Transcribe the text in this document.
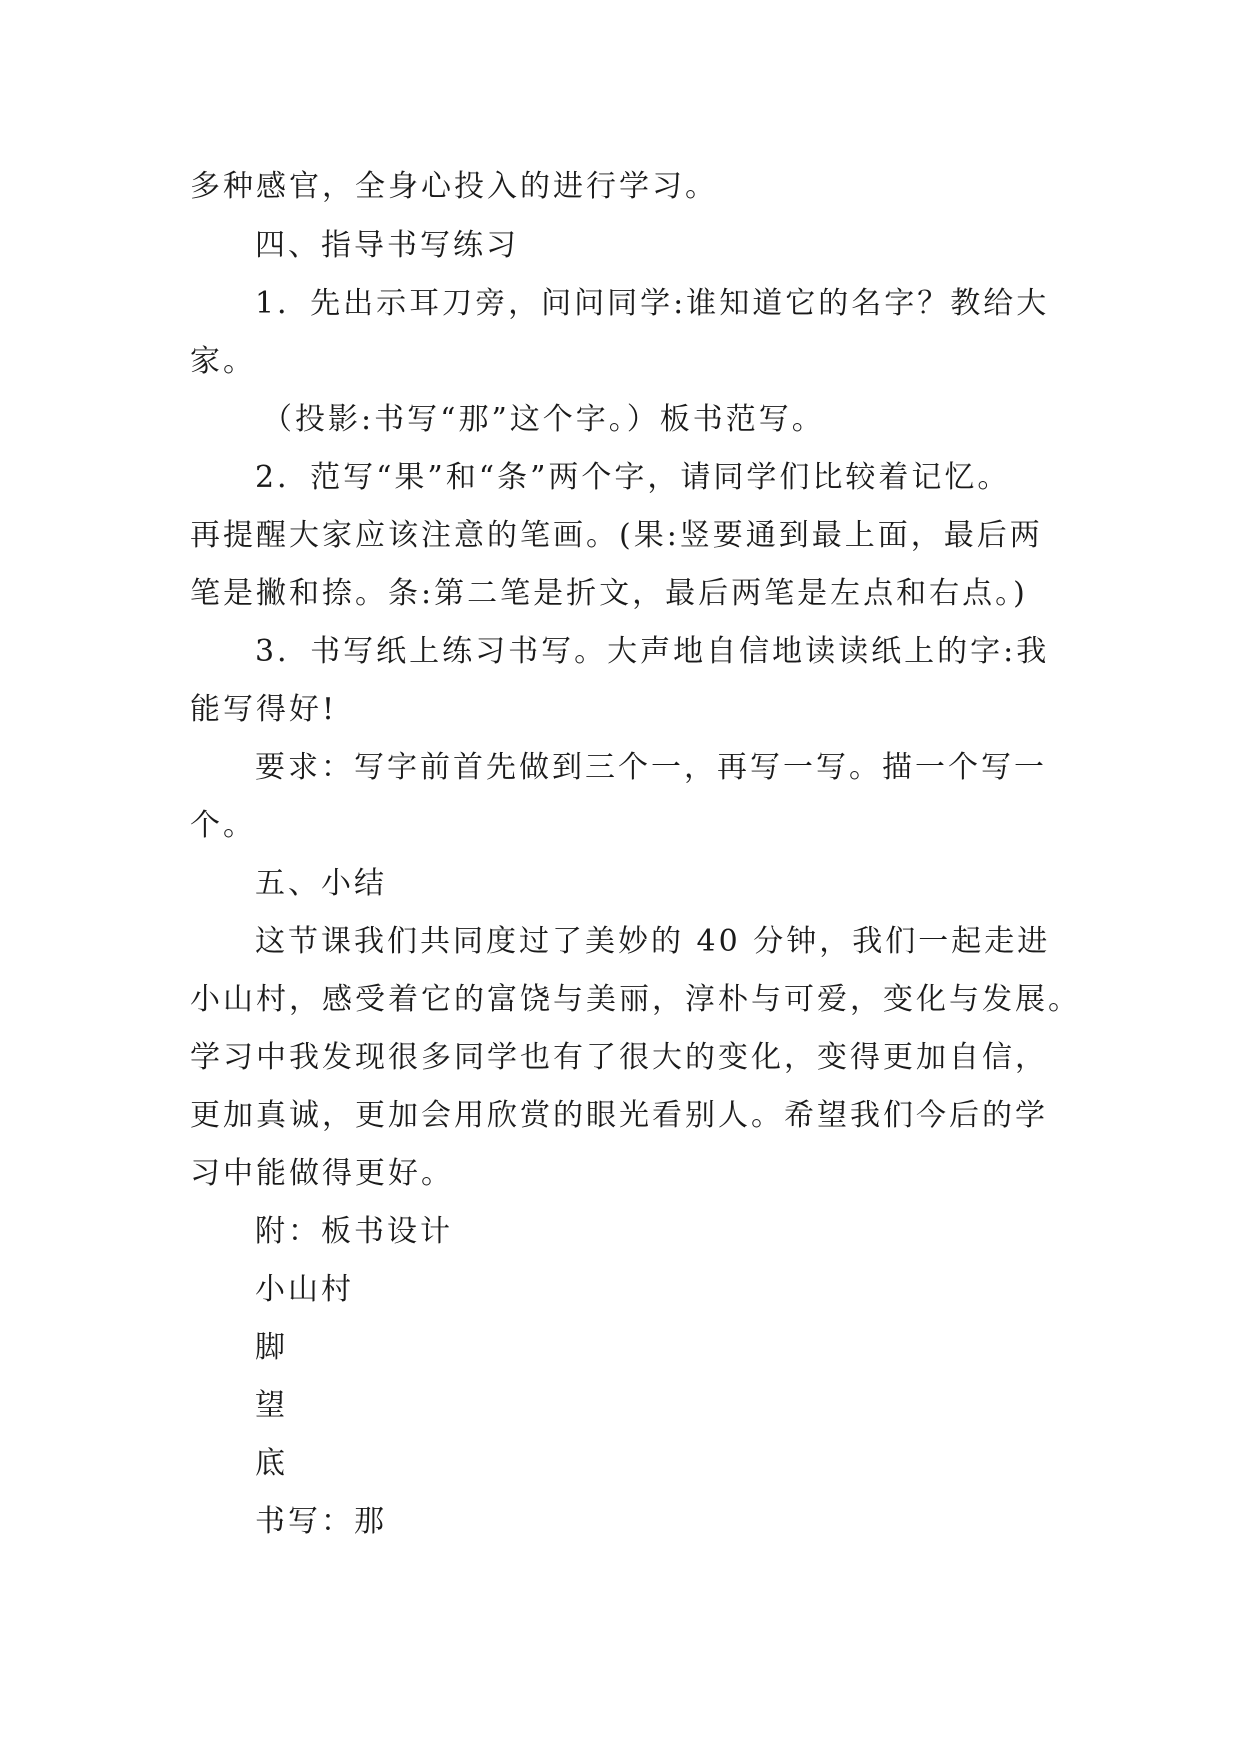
多种感官，全身心投入的进行学习。
四、指导书写练习
1．先出示耳刀旁，问问同学:谁知道它的名字？教给大
家。
（投影:书写“那”这个字。）板书范写。
2．范写“果”和“条”两个字，请同学们比较着记忆。
再提醒大家应该注意的笔画。(果:竖要通到最上面，最后两
笔是撇和捺。条:第二笔是折文，最后两笔是左点和右点。)
3．书写纸上练习书写。大声地自信地读读纸上的字:我
能写得好!
要求：写字前首先做到三个一，再写一写。描一个写一
个。
五、小结
这节课我们共同度过了美妙的 40 分钟，我们一起走进
小山村，感受着它的富饶与美丽，淳朴与可爱，变化与发展。
学习中我发现很多同学也有了很大的变化，变得更加自信，
更加真诚，更加会用欣赏的眼光看别人。希望我们今后的学
习中能做得更好。
附：板书设计
小山村
脚
望
底
书写：那
